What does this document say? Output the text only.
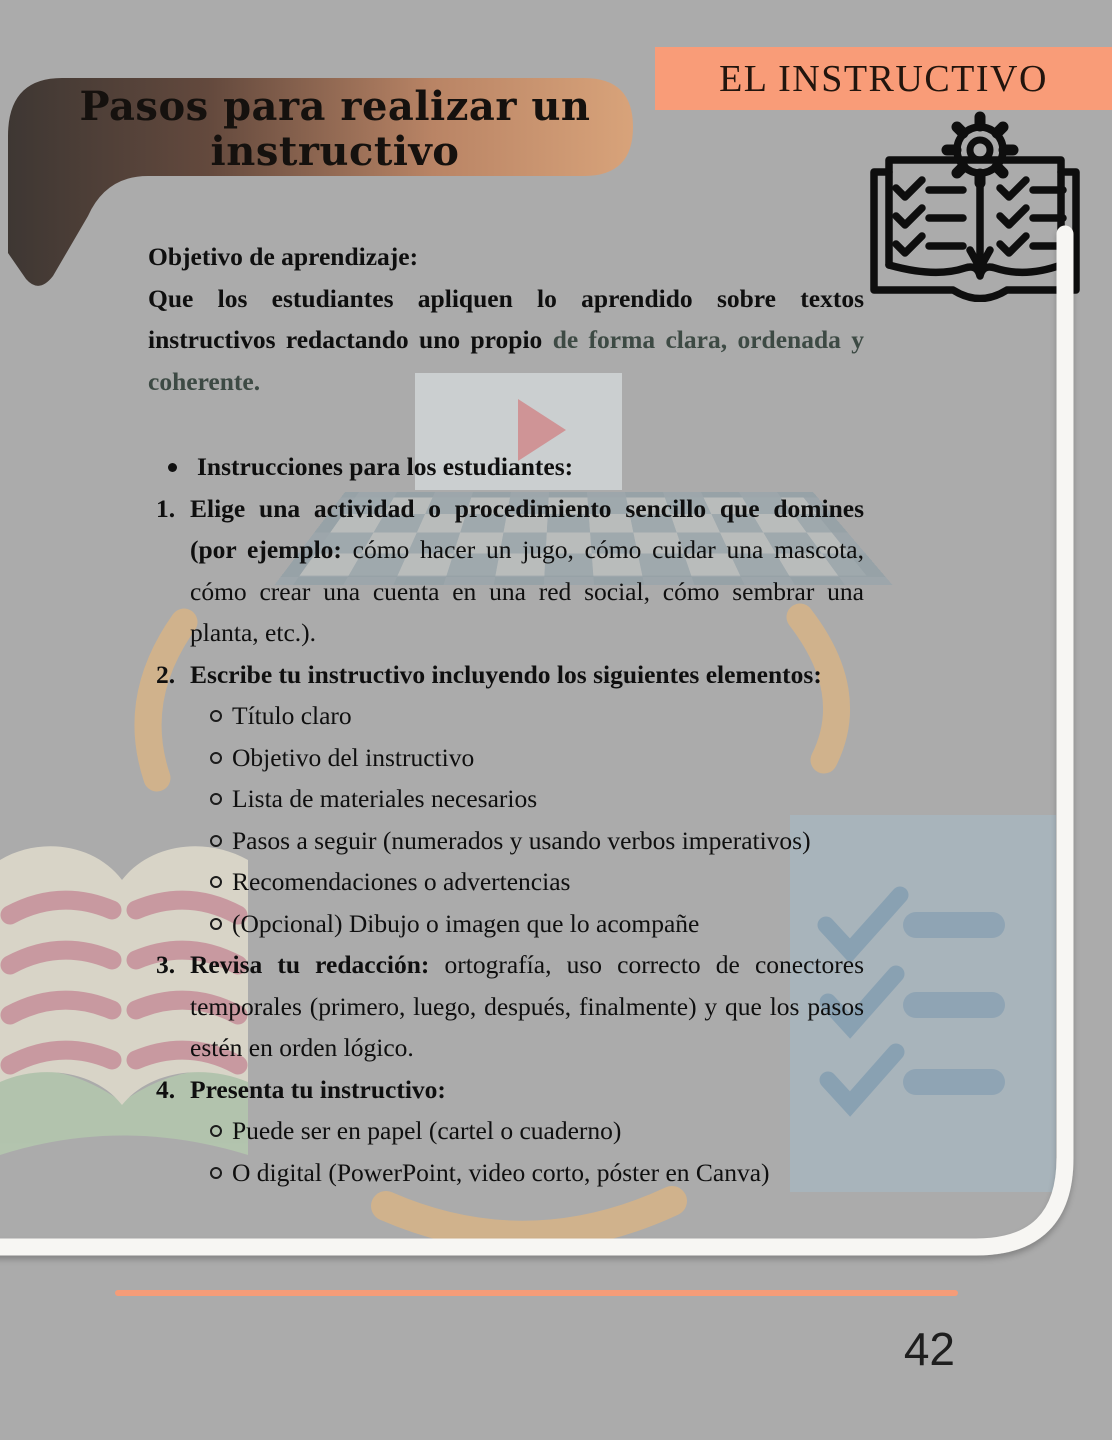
Pasos para realizar un
instructivo
EL INSTRUCTIVO

Objetivo de aprendizaje:

Que los estudiantes apliquen lo aprendido sobre textos instructivos redactando uno propio de forma clara, ordenada y coherente.

Instrucciones para los estudiantes:
1. Elige una actividad o procedimiento sencillo que domines (por ejemplo: cómo hacer un jugo, cómo cuidar una mascota, cómo crear una cuenta en una red social, cómo sembrar una planta, etc.).
2. Escribe tu instructivo incluyendo los siguientes elementos:
Título claro
Objetivo del instructivo
Lista de materiales necesarios
Pasos a seguir (numerados y usando verbos imperativos)
Recomendaciones o advertencias
(Opcional) Dibujo o imagen que lo acompañe
3. Revisa tu redacción: ortografía, uso correcto de conectores temporales (primero, luego, después, finalmente) y que los pasos estén en orden lógico.
4. Presenta tu instructivo:
Puede ser en papel (cartel o cuaderno)
O digital (PowerPoint, video corto, póster en Canva)
42
